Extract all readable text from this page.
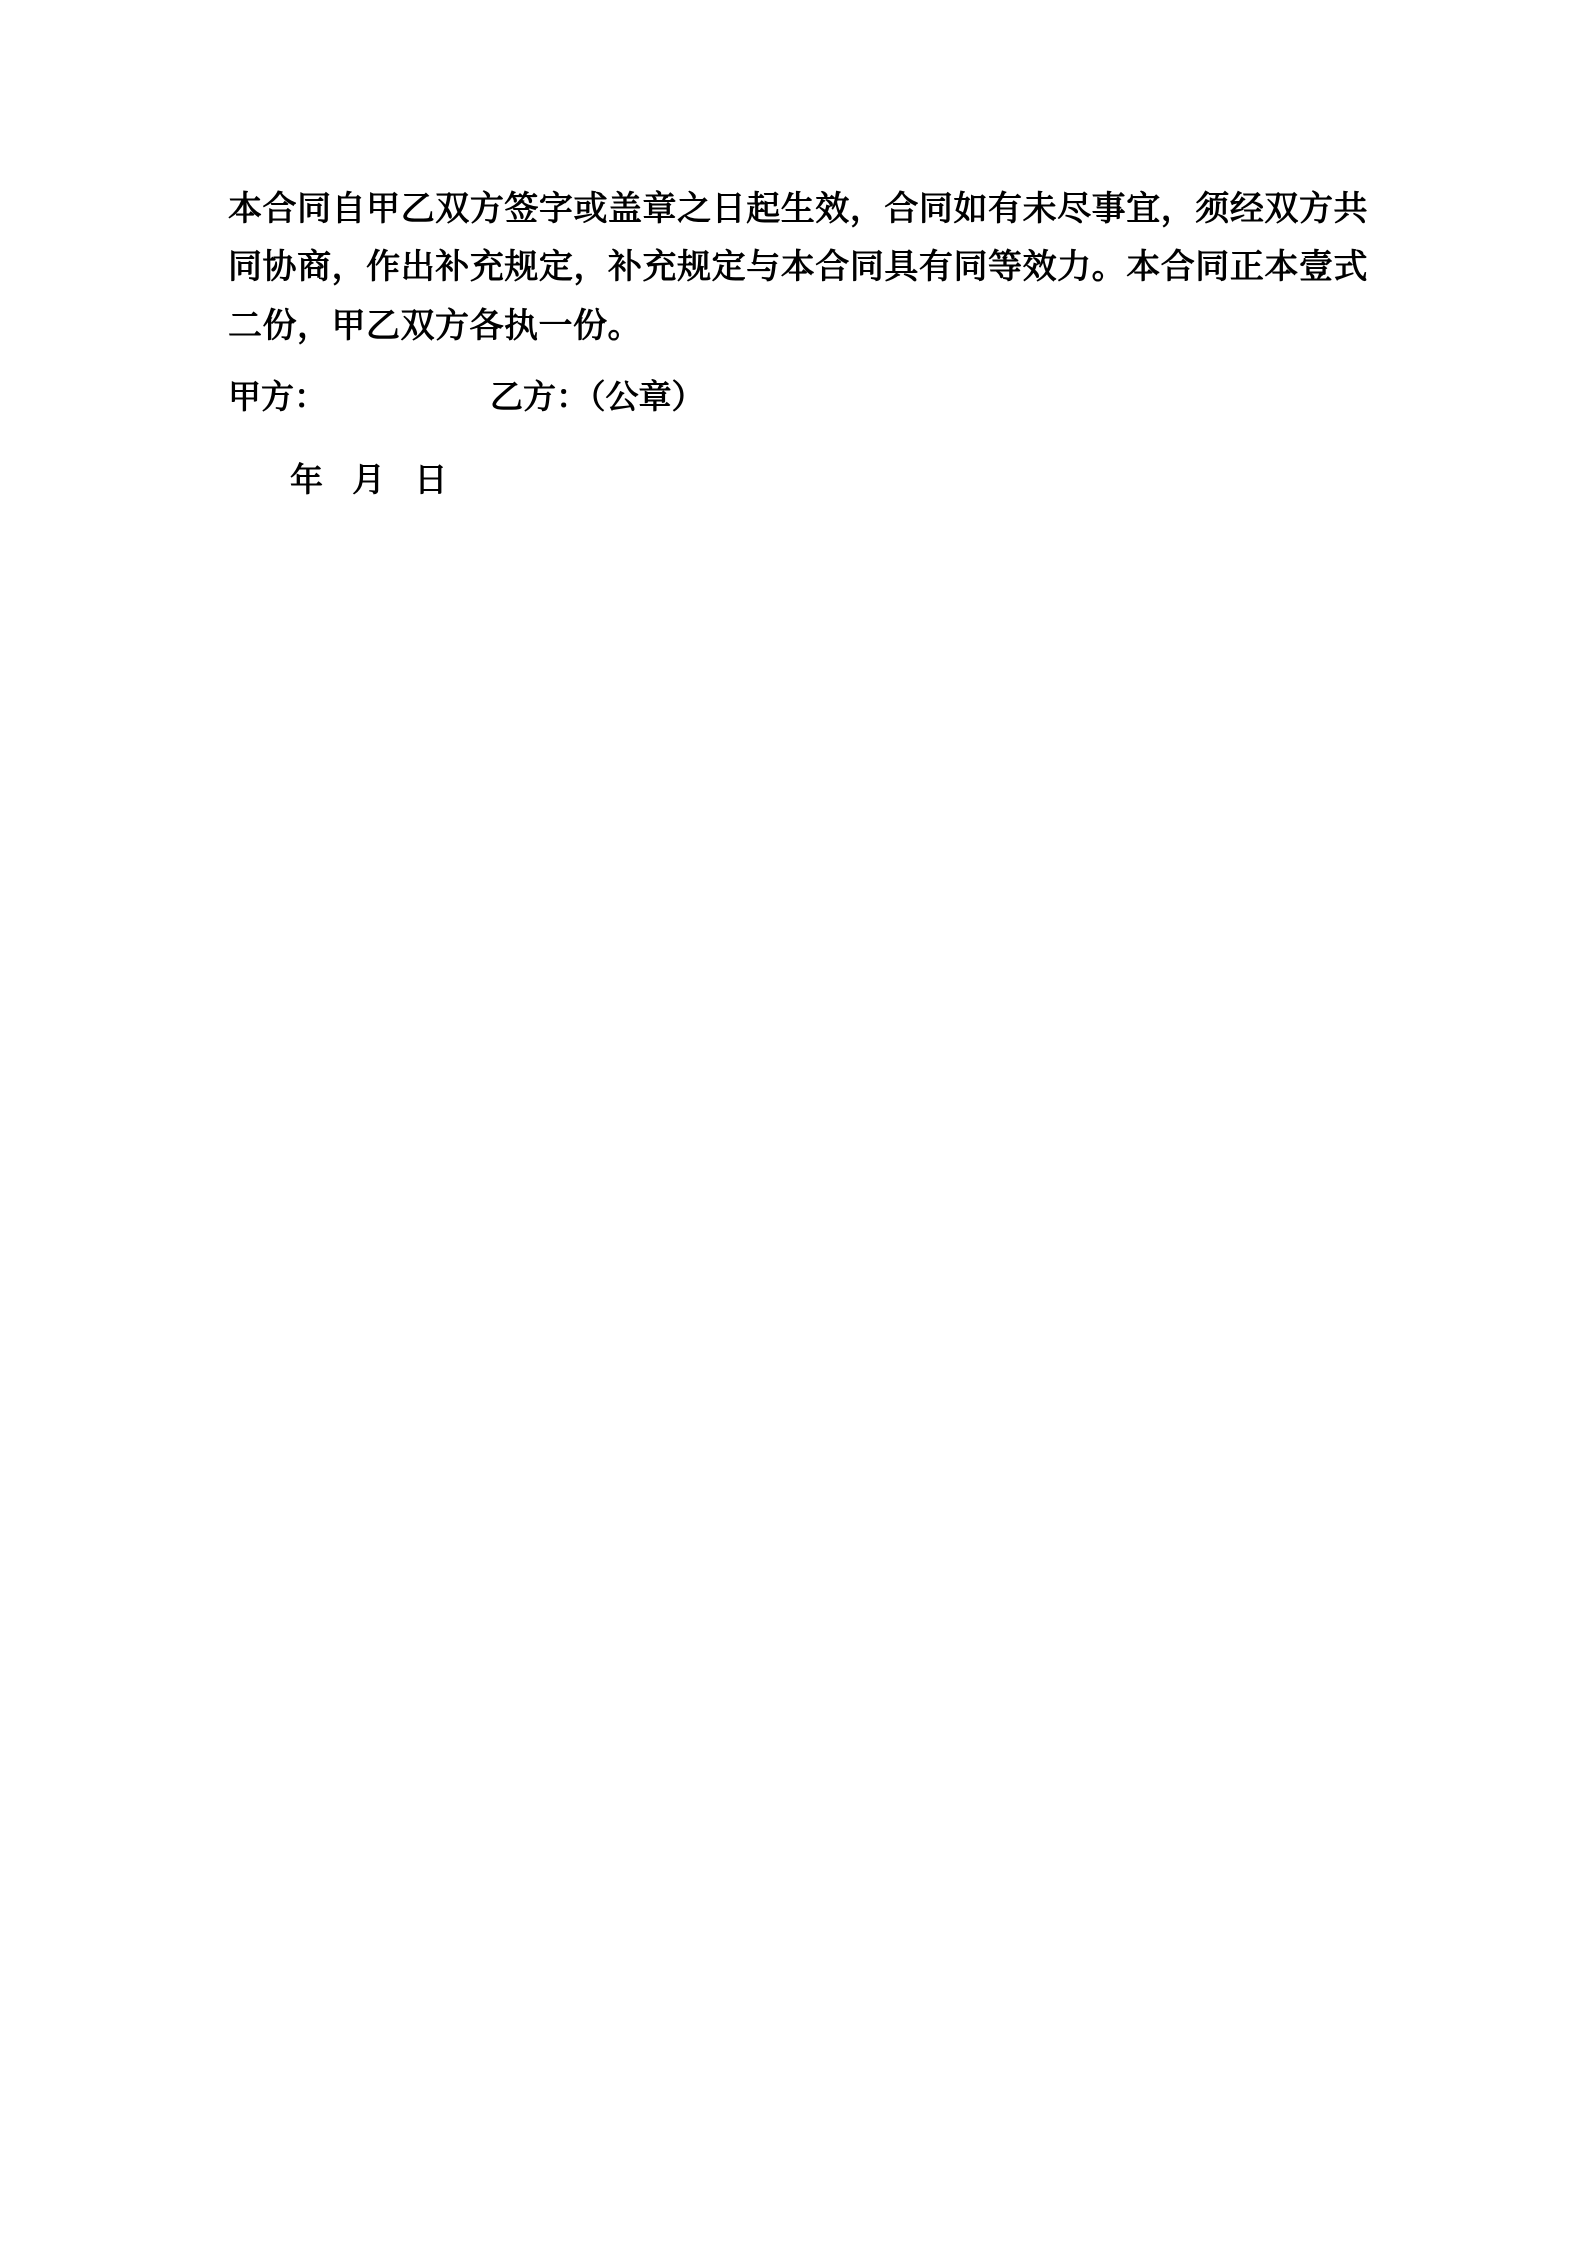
本合同自甲乙双方签字或盖章之日起生效，合同如有未尽事宜，须经双方共同协商，作出补充规定，补充规定与本合同具有同等效力。本合同正本壹式二份，甲乙双方各执一份。

甲方：	乙方：（公章）
年 月 日
